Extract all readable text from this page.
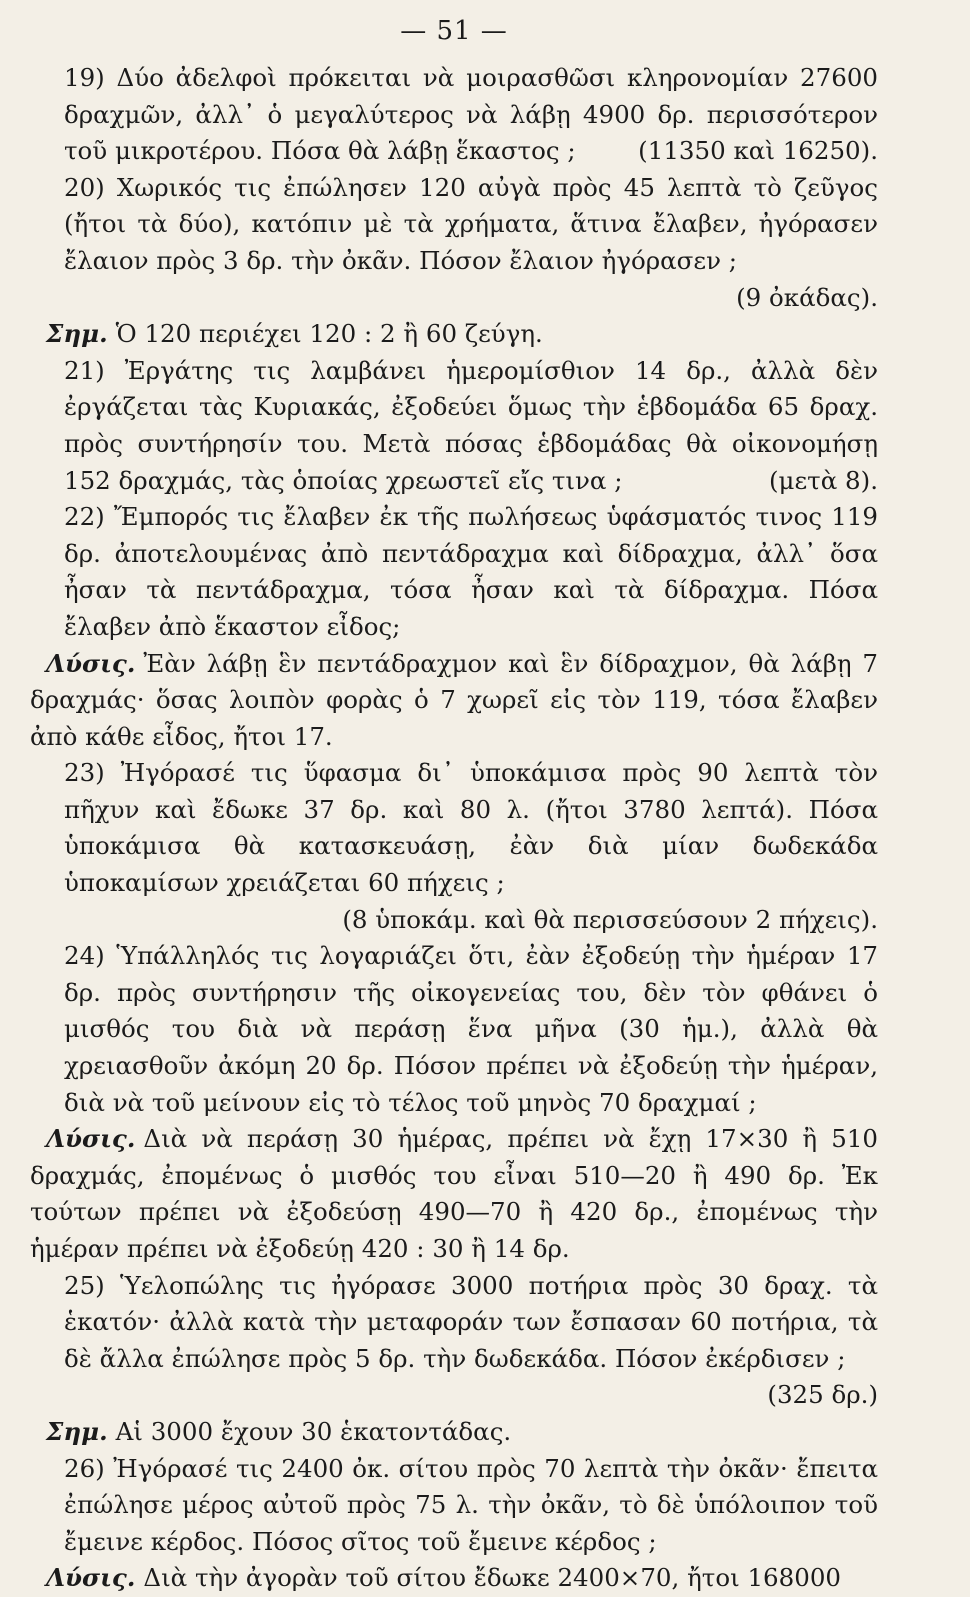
— 51 —

19) Δύο ἀδελφοὶ πρόκειται νὰ μοιρασθῶσι κληρονομίαν 27600 δραχμῶν, ἀλλ᾽ ὁ μεγαλύτερος νὰ λάβῃ 4900 δρ. περισσότερον τοῦ μικροτέρου. Πόσα θὰ λάβῃ ἕκαστος ;	(11350 καὶ 16250).

20) Χωρικός τις ἐπώλησεν 120 αὐγὰ πρὸς 45 λεπτὰ τὸ ζεῦγος (ἤτοι τὰ δύο), κατόπιν μὲ τὰ χρήματα, ἅτινα ἔλαβεν, ἠγόρασεν ἔλαιον πρὸς 3 δρ. τὴν ὀκᾶν. Πόσον ἔλαιον ἠγόρασεν ;
(9 ὀκάδας).

Σημ. Ὁ 120 περιέχει 120 : 2 ἢ 60 ζεύγη.

21) Ἐργάτης τις λαμβάνει ἡμερομίσθιον 14 δρ., ἀλλὰ δὲν ἐργάζεται τὰς Κυριακάς, ἐξοδεύει ὅμως τὴν ἑβδομάδα 65 δραχ. πρὸς συντήρησίν του. Μετὰ πόσας ἑβδομάδας θὰ οἰκονομήσῃ 152 δραχμάς, τὰς ὁποίας χρεωστεῖ εἴς τινα ;	(μετὰ 8).

22) Ἔμπορός τις ἔλαβεν ἐκ τῆς πωλήσεως ὑφάσματός τινος 119 δρ. ἀποτελουμένας ἀπὸ πεντάδραχμα καὶ δίδραχμα, ἀλλ᾽ ὅσα ἦσαν τὰ πεντάδραχμα, τόσα ἦσαν καὶ τὰ δίδραχμα. Πόσα ἔλαβεν ἀπὸ ἕκαστον εἶδος;

Λύσις. Ἐὰν λάβῃ ἓν πεντάδραχμον καὶ ἓν δίδραχμον, θὰ λάβῃ 7 δραχμάς· ὅσας λοιπὸν φορὰς ὁ 7 χωρεῖ εἰς τὸν 119, τόσα ἔλαβεν ἀπὸ κάθε εἶδος, ἤτοι 17.

23) Ἠγόρασέ τις ὕφασμα δι᾽ ὑποκάμισα πρὸς 90 λεπτὰ τὸν πῆχυν καὶ ἔδωκε 37 δρ. καὶ 80 λ. (ἤτοι 3780 λεπτά). Πόσα ὑποκάμισα θὰ κατασκευάσῃ, ἐὰν διὰ μίαν δωδεκάδα ὑποκαμίσων χρειάζεται 60 πήχεις ;
(8 ὑποκάμ. καὶ θὰ περισσεύσουν 2 πήχεις).

24) Ὑπάλληλός τις λογαριάζει ὅτι, ἐὰν ἐξοδεύῃ τὴν ἡμέραν 17 δρ. πρὸς συντήρησιν τῆς οἰκογενείας του, δὲν τὸν φθάνει ὁ μισθός του διὰ νὰ περάσῃ ἕνα μῆνα (30 ἡμ.), ἀλλὰ θὰ χρειασθοῦν ἀκόμη 20 δρ. Πόσον πρέπει νὰ ἐξοδεύῃ τὴν ἡμέραν, διὰ νὰ τοῦ μείνουν εἰς τὸ τέλος τοῦ μηνὸς 70 δραχμαί ;

Λύσις. Διὰ νὰ περάσῃ 30 ἡμέρας, πρέπει νὰ ἔχῃ 17×30 ἢ 510 δραχμάς, ἐπομένως ὁ μισθός του εἶναι 510—20 ἢ 490 δρ. Ἐκ τούτων πρέπει νὰ ἐξοδεύσῃ 490—70 ἢ 420 δρ., ἐπομένως τὴν ἡμέραν πρέπει νὰ ἐξοδεύῃ 420 : 30 ἢ 14 δρ.

25) Ὑελοπώλης τις ἠγόρασε 3000 ποτήρια πρὸς 30 δραχ. τὰ ἑκατόν· ἀλλὰ κατὰ τὴν μεταφοράν των ἔσπασαν 60 ποτήρια, τὰ δὲ ἄλλα ἐπώλησε πρὸς 5 δρ. τὴν δωδεκάδα. Πόσον ἐκέρδισεν ;
(325 δρ.)

Σημ. Αἱ 3000 ἔχουν 30 ἑκατοντάδας.

26) Ἠγόρασέ τις 2400 ὀκ. σίτου πρὸς 70 λεπτὰ τὴν ὀκᾶν· ἔπειτα ἐπώλησε μέρος αὐτοῦ πρὸς 75 λ. τὴν ὀκᾶν, τὸ δὲ ὑπόλοιπον τοῦ ἔμεινε κέρδος. Πόσος σῖτος τοῦ ἔμεινε κέρδος ;

Λύσις. Διὰ τὴν ἀγορὰν τοῦ σίτου ἔδωκε 2400×70, ἤτοι 168000
